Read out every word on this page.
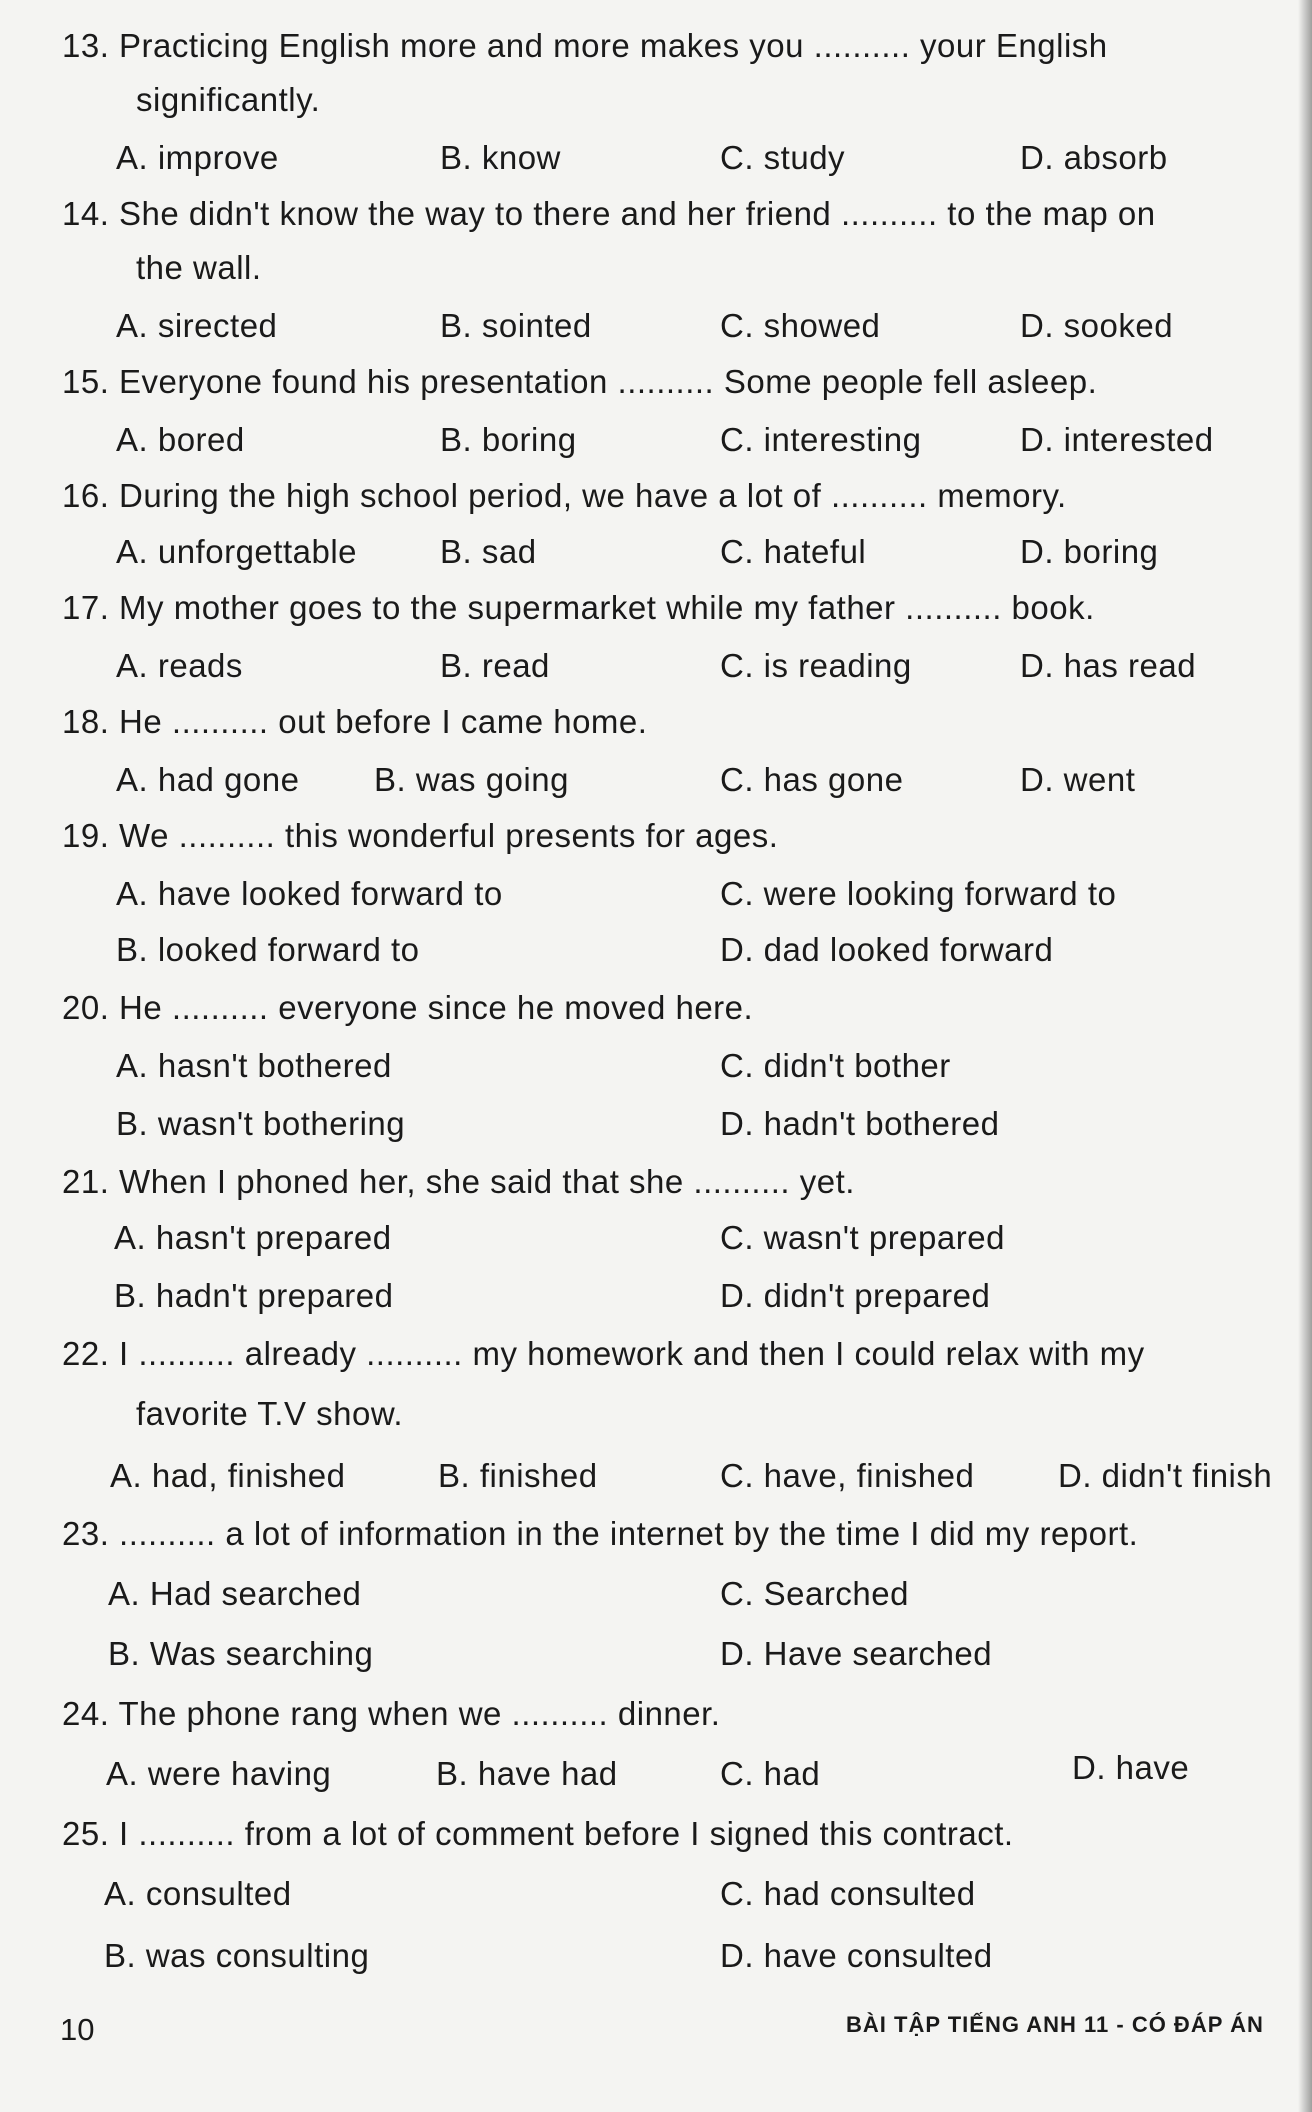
13. Practicing English more and more makes you .......... your English
significantly.
A. improve	B. know	C. study	D. absorb
14. She didn't know the way to there and her friend .......... to the map on
the wall.
A. sirected	B. sointed	C. showed	D. sooked
15. Everyone found his presentation .......... Some people fell asleep.
A. bored	B. boring	C. interesting	D. interested
16. During the high school period, we have a lot of .......... memory.
A. unforgettable	B. sad	C. hateful	D. boring
17. My mother goes to the supermarket while my father .......... book.
A. reads	B. read	C. is reading	D. has read
18. He .......... out before I came home.
A. had gone B. was going	C. has gone	D. went
19. We .......... this wonderful presents for ages.
A. have looked forward to	C. were looking forward to
B. looked forward to	D. dad looked forward
20. He .......... everyone since he moved here.
A. hasn't bothered	C. didn't bother
B. wasn't bothering	D. hadn't bothered
21. When I phoned her, she said that she .......... yet.
A. hasn't prepared	C. wasn't prepared
B. hadn't prepared	D. didn't prepared
22. I .......... already .......... my homework and then I could relax with my
favorite T.V show.
A. had, finished	B. finished	C. have, finished	D. didn't finish
23. .......... a lot of information in the internet by the time I did my report.
A. Had searched	C. Searched
B. Was searching	D. Have searched
24. The phone rang when we .......... dinner.
A. were having	B. have had	C. had	D. have
25. I .......... from a lot of comment before I signed this contract.
A. consulted	C. had consulted
B. was consulting	D. have consulted
10	BÀI TẬP TIẾNG ANH 11 - CÓ ĐÁP ÁN
